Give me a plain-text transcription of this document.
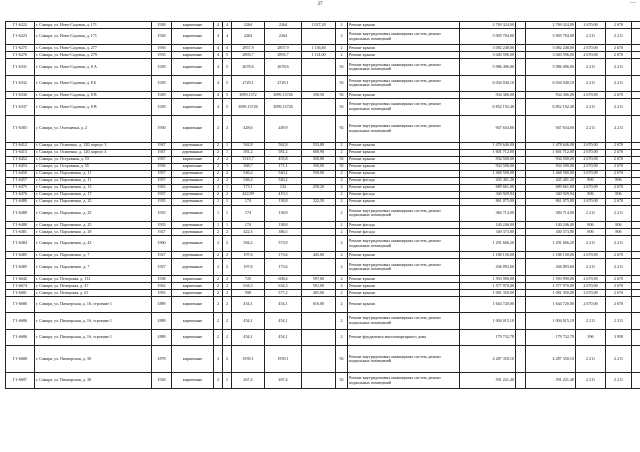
37	—
Г1-6222	г. Самара, ул. Ново-Садовая, д. 171	1928	кирпичные	4	4	2264	2264	1 027,20	2	Ремонт крыши	2 769 324,00		2 769 324,00	2 670,00	2 670	
Г1-6223	г. Самара, ул. Ново-Садовая, д. 171	1928	кирпичные	4	4	2264	2264		2	Ремонт внутридомовых инженерных систем, ремонт подвальных помещений	5 005 704,00		5 005 704,00	2 211	2 211	
Г1-6275	г. Самара, ул. Ново-Садовая, д. 277	1936	кирпичные	4	4	2857,9	2857,9	1 136,60	2	Ремонт крыши	3 082 248,00		3 082 248,00	2 670,00	2 670	
Г1-6276	г. Самара, ул. Ново-Садовая, д. 279	1935	кирпичные	4	5	2893,7	2893,7	1 114,00	2	Ремонт крыши	3 040 596,00		3 040 596,00	2 670,00	2 670	
Г1-6331	г. Самара, ул. Ново-Садовая, д. 8 А	1929	кирпичные	4	5	2678,6	2678,6		92	Ремонт внутридомовых инженерных систем, ремонт подвальных помещений	5 986 496,00		5 986 496,00	2 211	2 211	
Г1-6332	г. Самара, ул. Ново-Садовая, д. 8 Б	1929	кирпичные	4	5	2729,1	2729,1		92	Ремонт внутридомовых инженерных систем, ремонт подвальных помещений	6 034 040,10		6 034 040,10	2 211	2 211	
Г1-6336	г. Самара, ул. Ново-Садовая, д. 8 В	1929	кирпичные	4	5	3099,1372	3099,13726	358,50	92	Ремонт крыши	934 306,00		934 306,00	2 670,00	2 670	
Г1-6337	г. Самара, ул. Ново-Садовая, д. 8 В	1929	кирпичные	4	5	3099,13726	3099,13726		92	Ремонт внутридомовых инженерных систем, ремонт подвальных помещений	6 852 192,48		6 852 192,48	2 211	2 211	
Г1-6383	г. Самара, ул. Охотничья, д. 2	1930	кирпичные	2	2	428,6	249,9		92	Ремонт внутридомовых инженерных систем, ремонт подвальных помещений	947 634,60		947 634,60	2 211	2 211	
Г1-6412	г. Самара, ул. Осипенко, д. 120, корпус 3	1947	деревянные	2	1	562,8	562,8	553,80	2	Ремонт крыши	1 478 646,00		1 478 646,00	2 670,00	2 670	
Г1-6413	г. Самара, ул. Осипенко, д. 120, корпус 4	1947	деревянные	2	1	581,2	581,2	600,90	2	Ремонт крыши	1 601 712,00		1 601 712,00	2 670,00	2 670	
Г1-6452	г. Самара, ул. Островная, д. 53	1937	кирпичные	2	2	1315,7	455,8	350,00	92	Ремонт крыши	934 500,00		934 500,00	2 670,00	2 670	
Г1-6453	г. Самара, ул. Островная, д. 55	1936	кирпичные	2	1	368,7	171,1	350,00	92	Ремонт крыши	934 500,00		934 500,00	2 670,00	2 670	
Г1-6456	г. Самара, ул. Пархоменко, д. 11	1937	деревянные	2	2	546,2	540,2	550,00	2	Ремонт крыши	1 468 500,00		1 468 500,00	2 670,00	2 670	
Г1-6457	г. Самара, ул. Пархоменко, д. 11	1937	деревянные	2	2	546,2	540,2		2	Ремонт фасада	435 401,20		435 401,20	806	806	
Г1-6475	г. Самара, ул. Пархоменко, д. 13	1943	деревянные	2	1	173,1	132	258,20	2	Ремонт крыши	689 661,00		689 661,00	2 670,00	2 670	
Г1-6476	г. Самара, ул. Пархоменко, д. 17	1937	деревянные	2	2	422,99	419,3		2	Ремонт фасада	340 929,94		340 929,94	806	806	
Г1-6480	г. Самара, ул. Пархоменко, д. 25	1935	деревянные	1	1	174	138,8	322,50	2	Ремонт крыши	861 075,00		861 075,00	2 670,00	2 670	
Г1-6488	г. Самара, ул. Пархоменко, д. 25	1935	деревянные	1	1	174	138,8		2	Ремонт внутридомовых инженерных систем, ремонт подвальных помещений	384 714,00		384 714,00	2 211	2 211	
Г1-6480	г. Самара, ул. Пархоменко, д. 25	1935	деревянные	1	1	174	138,8		2	Ремонт фасада	140 246,00		140 246,00	806	806	
Г1-6481	г. Самара, ул. Пархоменко, д. 29	1927	деревянные	2	2	422,3	386,5		2	Ремонт фасада	340 373,80		340 373,80	806	806	
Г1-6484	г. Самара, ул. Пархоменко, д. 43	1960	деревянные	2	2	584,2	573,9		2	Ремонт внутридомовых инженерных систем, ремонт подвальных помещений	1 291 666,20		1 291 666,20	2 211	2 211	
Г1-6485	г. Самара, ул. Пархоменко, д. 7	1927	деревянные	2	2	197,6	173,6	445,00	2	Ремонт крыши	1 188 150,00		1 188 150,00	2 670,00	2 670	
Г1-6485	г. Самара, ул. Пархоменко, д. 7	1927	деревянные	2	2	197,6	173,6		2	Ремонт внутридомовых инженерных систем, ремонт подвальных помещений	436 893,60		436 893,60	2 211	2 211	
Г1-6642	г. Самара, ул. Печерская, д. 131	1938	кирпичные	2	2	725	608,4	597,00	2	Ремонт крыши	1 593 990,00		1 593 990,00	2 670,00	2 670	
Г1-6674	г. Самара, ул. Печерская, д. 47	1942	кирпичные	2	2	634,3	634,3	591,00	2	Ремонт крыши	1 577 970,00		1 577 970,00	2 670,00	2 670	
Г1-6681	г. Самара, ул. Печерская, д. 61	1955	кирпичные	2	2	598	577,2	405,00	2	Ремонт крыши	1 081 350,00		1 081 350,00	2 670,00	2 670	
Г1-6686	г. Самара, ул. Пионерская, д. 16, строение 1	1889	кирпичные	2	2	454,1	454,1	616,00	2	Ремонт крыши	1 644 720,00		1 644 720,00	2 670,00	2 670	
Г1-6686	г. Самара, ул. Пионерская, д. 16, строение 1	1889	кирпичные	2	2	454,1	454,1		2	Ремонт внутридомовых инженерных систем, ремонт подвальных помещений	1 004 015,10		1 004 015,10	2 211	2 211	
Г1-6686	г. Самара, ул. Пионерская, д. 16, строение 1	1889	кирпичные	2	2	454,1	454,1		2	Ремонт фундамента многоквартирного дома	179 732,78		179 732,78	396	3 958	
Г1-6688	г. Самара, ул. Пионерская, д. 30	1878	кирпичные	3	2	1939,1	1939,1		92	Ремонт внутридомовых инженерных систем, ремонт подвальных помещений	4 287 350,10		4 287 350,10	2 211	2 211	
Г1-6697	г. Самара, ул. Пионерская, д. 38	1928	кирпичные	2	1	267,4	267,4		92	Ремонт внутридомовых инженерных систем, ремонт подвальных помещений	591 221,40		591 221,40	2 211	2 211	
